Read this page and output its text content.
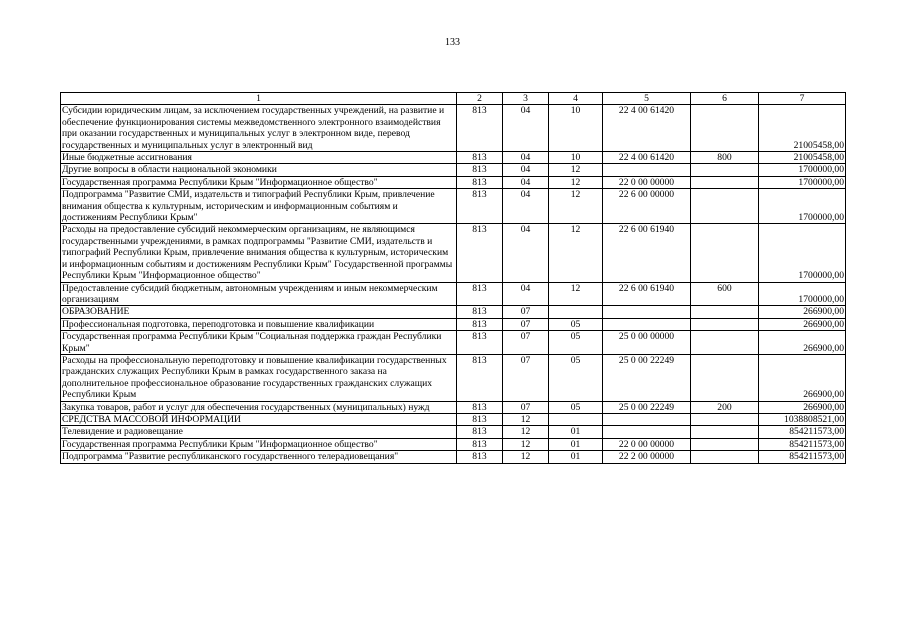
133
1	2	3	4	5	6	7
Субсидии юридическим лицам, за исключением государственных учреждений, на развитие и обеспечение функционирования системы межведомственного электронного взаимодействия при оказании государственных и муниципальных услуг в электронном виде, перевод государственных и муниципальных услуг в электронный вид	813	04	10	22 4 00 61420		21005458,00
Иные бюджетные ассигнования	813	04	10	22 4 00 61420	800	21005458,00
Другие вопросы в области национальной экономики	813	04	12			1700000,00
Государственная программа Республики Крым "Информационное общество"	813	04	12	22 0 00 00000		1700000,00
Подпрограмма "Развитие СМИ, издательств и типографий Республики Крым, привлечение внимания общества к культурным, историческим и информационным событиям и достижениям Республики Крым"	813	04	12	22 6 00 00000		1700000,00
Расходы на предоставление субсидий некоммерческим организациям, не являющимся государственными учреждениями, в рамках подпрограммы "Развитие СМИ, издательств и типографий Республики Крым, привлечение внимания общества к культурным, историческим и информационным событиям и достижениям Республики Крым" Государственной программы Республики Крым "Информационное общество"	813	04	12	22 6 00 61940		1700000,00
Предоставление субсидий бюджетным, автономным учреждениям и иным некоммерческим организациям	813	04	12	22 6 00 61940	600	1700000,00
ОБРАЗОВАНИЕ	813	07				266900,00
Профессиональная подготовка, переподготовка и повышение квалификации	813	07	05			266900,00
Государственная программа Республики Крым "Социальная поддержка граждан Республики Крым"	813	07	05	25 0 00 00000		266900,00
Расходы на профессиональную переподготовку и повышение квалификации государственных гражданских служащих Республики Крым в рамках государственного заказа на дополнительное профессиональное образование государственных гражданских служащих Республики Крым	813	07	05	25 0 00 22249		266900,00
Закупка товаров, работ и услуг для обеспечения государственных (муниципальных) нужд	813	07	05	25 0 00 22249	200	266900,00
СРЕДСТВА МАССОВОЙ ИНФОРМАЦИИ	813	12				1038808521,00
Телевидение и радиовещание	813	12	01			854211573,00
Государственная программа Республики Крым "Информационное общество"	813	12	01	22 0 00 00000		854211573,00
Подпрограмма "Развитие республиканского государственного телерадиовещания"	813	12	01	22 2 00 00000		854211573,00
